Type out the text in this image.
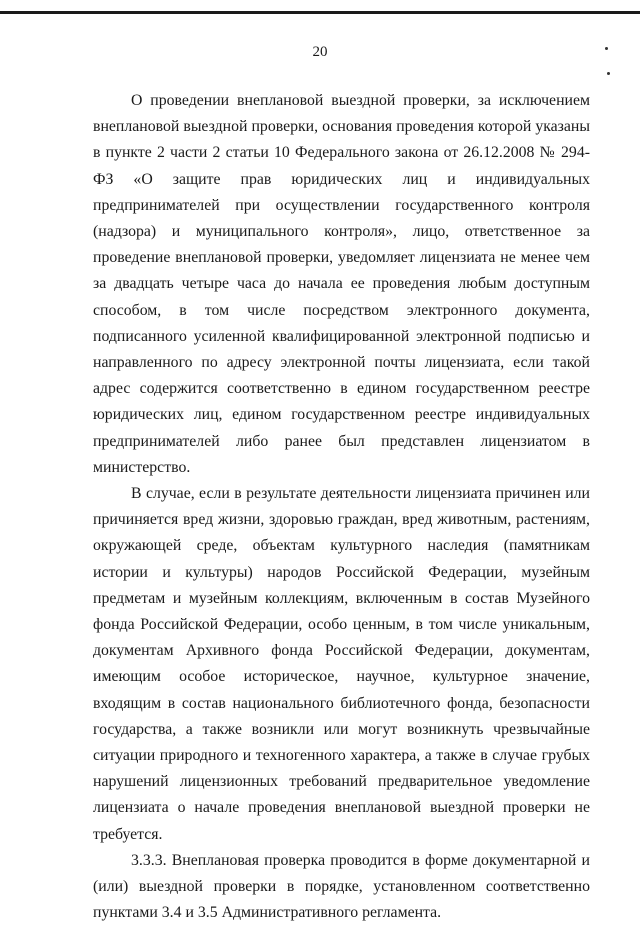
20

О проведении внеплановой выездной проверки, за исключением внеплановой выездной проверки, основания проведения которой указаны в пункте 2 части 2 статьи 10 Федерального закона от 26.12.2008 № 294-ФЗ «О защите прав юридических лиц и индивидуальных предпринимателей при осуществлении государственного контроля (надзора) и муниципального контроля», лицо, ответственное за проведение внеплановой проверки, уведомляет лицензиата не менее чем за двадцать четыре часа до начала ее проведения любым доступным способом, в том числе посредством электронного документа, подписанного усиленной квалифицированной электронной подписью и направленного по адресу электронной почты лицензиата, если такой адрес содержится соответственно в едином государственном реестре юридических лиц, едином государственном реестре индивидуальных предпринимателей либо ранее был представлен лицензиатом в министерство.

В случае, если в результате деятельности лицензиата причинен или причиняется вред жизни, здоровью граждан, вред животным, растениям, окружающей среде, объектам культурного наследия (памятникам истории и культуры) народов Российской Федерации, музейным предметам и музейным коллекциям, включенным в состав Музейного фонда Российской Федерации, особо ценным, в том числе уникальным, документам Архивного фонда Российской Федерации, документам, имеющим особое историческое, научное, культурное значение, входящим в состав национального библиотечного фонда, безопасности государства, а также возникли или могут возникнуть чрезвычайные ситуации природного и техногенного характера, а также в случае грубых нарушений лицензионных требований предварительное уведомление лицензиата о начале проведения внеплановой выездной проверки не требуется.

3.3.3. Внеплановая проверка проводится в форме документарной и (или) выездной проверки в порядке, установленном соответственно пунктами 3.4 и 3.5 Административного регламента.
